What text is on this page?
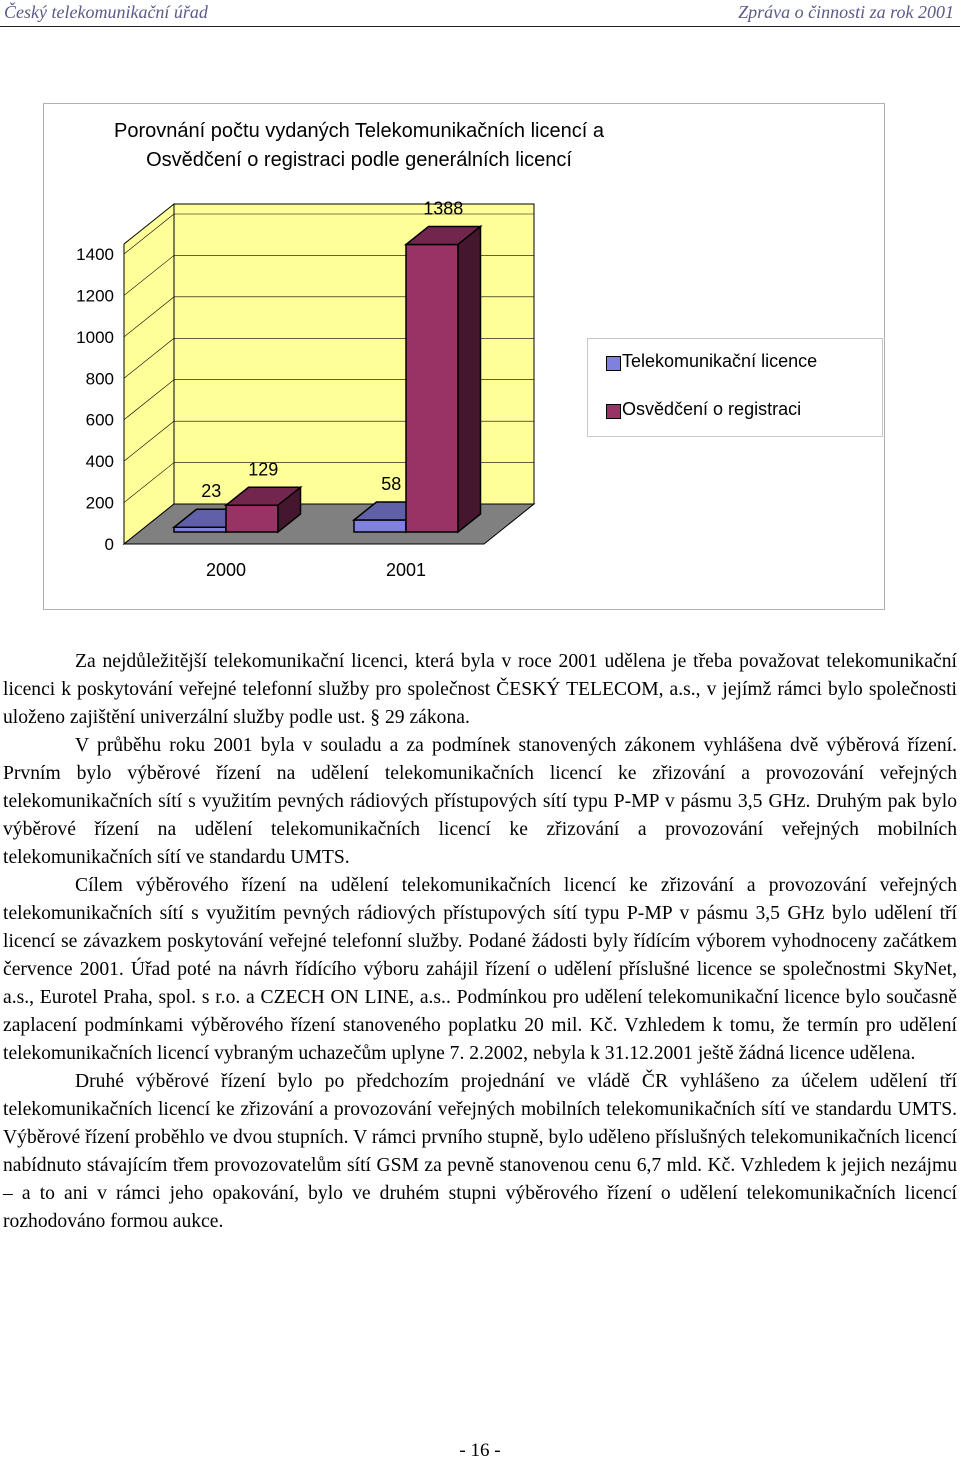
Český telekomunikační úřad	Zpráva o činnosti za rok 2001
Porovnání počtu vydaných Telekomunikačních licencí a
Osvědčení o registraci podle generálních licencí
0
200
400
600
800
1000
1200
1400
23
129
2000
58
1388
2001
Telekomunikační licence
Osvědčení o registraci

Za nejdůležitější telekomunikační licenci, která byla v roce 2001 udělena je třeba považovat telekomunikační licenci k poskytování veřejné telefonní služby pro společnost ČESKÝ TELECOM, a.s., v jejímž rámci bylo společnosti uloženo zajištění univerzální služby podle ust. § 29 zákona.

V průběhu roku 2001 byla v souladu a za podmínek stanovených zákonem vyhlášena dvě výběrová řízení. Prvním bylo výběrové řízení na udělení telekomunikačních licencí ke zřizování a provozování veřejných telekomunikačních sítí s využitím pevných rádiových přístupových sítí typu P-MP v pásmu 3,5 GHz. Druhým pak bylo výběrové řízení na udělení telekomunikačních licencí ke zřizování a provozování veřejných mobilních telekomunikačních sítí ve standardu UMTS.

Cílem výběrového řízení na udělení telekomunikačních licencí ke zřizování a provozování veřejných telekomunikačních sítí s využitím pevných rádiových přístupových sítí typu P-MP v pásmu 3,5 GHz bylo udělení tří licencí se závazkem poskytování veřejné telefonní služby. Podané žádosti byly řídícím výborem vyhodnoceny začátkem července 2001. Úřad poté na návrh řídícího výboru zahájil řízení o udělení příslušné licence se společnostmi SkyNet, a.s., Eurotel Praha, spol. s r.o. a CZECH ON LINE, a.s.. Podmínkou pro udělení telekomunikační licence bylo současně zaplacení podmínkami výběrového řízení stanoveného poplatku 20 mil. Kč. Vzhledem k tomu, že termín pro udělení telekomunikačních licencí vybraným uchazečům uplyne 7. 2.2002, nebyla k 31.12.2001 ještě žádná licence udělena.

Druhé výběrové řízení bylo po předchozím projednání ve vládě ČR vyhlášeno za účelem udělení tří telekomunikačních licencí ke zřizování a provozování veřejných mobilních telekomunikačních sítí ve standardu UMTS. Výběrové řízení proběhlo ve dvou stupních. V rámci prvního stupně, bylo uděleno příslušných telekomunikačních licencí nabídnuto stávajícím třem provozovatelům sítí GSM za pevně stanovenou cenu 6,7 mld. Kč. Vzhledem k jejich nezájmu – a to ani v rámci jeho opakování, bylo ve druhém stupni výběrového řízení o udělení telekomunikačních licencí rozhodováno formou aukce.

- 16 -
